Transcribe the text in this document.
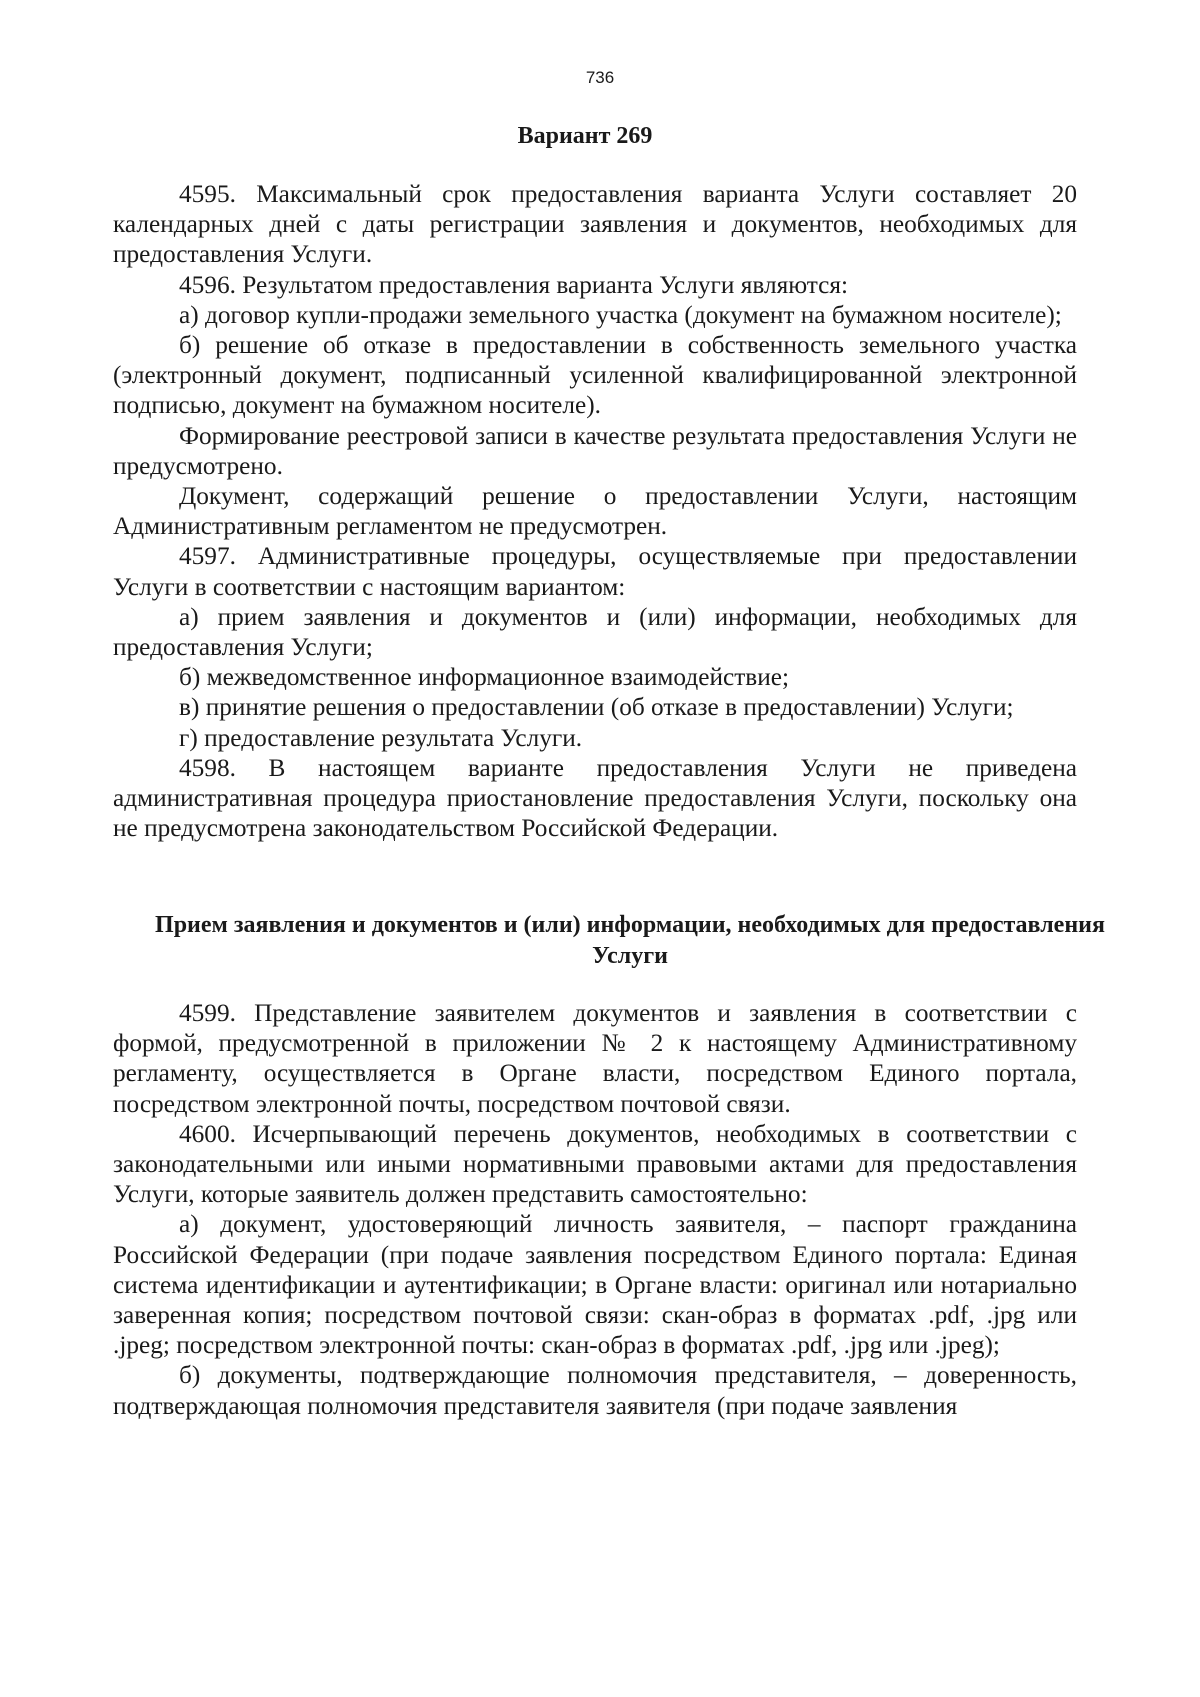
736
Вариант 269

4595. Максимальный срок предоставления варианта Услуги составляет 20 календарных дней с даты регистрации заявления и документов, необходимых для предоставления Услуги.

4596. Результатом предоставления варианта Услуги являются:

а) договор купли-продажи земельного участка (документ на бумажном носителе);

б) решение об отказе в предоставлении в собственность земельного участка (электронный документ, подписанный усиленной квалифицированной электронной подписью, документ на бумажном носителе).

Формирование реестровой записи в качестве результата предоставления Услуги не предусмотрено.

Документ, содержащий решение о предоставлении Услуги, настоящим Административным регламентом не предусмотрен.

4597. Административные процедуры, осуществляемые при предоставлении Услуги в соответствии с настоящим вариантом:

а) прием заявления и документов и (или) информации, необходимых для предоставления Услуги;

б) межведомственное информационное взаимодействие;

в) принятие решения о предоставлении (об отказе в предоставлении) Услуги;

г) предоставление результата Услуги.

4598. В настоящем варианте предоставления Услуги не приведена административная процедура приостановление предоставления Услуги, поскольку она не предусмотрена законодательством Российской Федерации.

Прием заявления и документов и (или) информации, необходимых для предоставления Услуги

4599. Представление заявителем документов и заявления в соответствии с формой, предусмотренной в приложении № 2 к настоящему Административному регламенту, осуществляется в Органе власти, посредством Единого портала, посредством электронной почты, посредством почтовой связи.

4600. Исчерпывающий перечень документов, необходимых в соответствии с законодательными или иными нормативными правовыми актами для предоставления Услуги, которые заявитель должен представить самостоятельно:

а) документ, удостоверяющий личность заявителя, – паспорт гражданина Российской Федерации (при подаче заявления посредством Единого портала: Единая система идентификации и аутентификации; в Органе власти: оригинал или нотариально заверенная копия; посредством почтовой связи: скан-образ в форматах .pdf, .jpg или .jpeg; посредством электронной почты: скан-образ в форматах .pdf, .jpg или .jpeg);

б) документы, подтверждающие полномочия представителя, – доверенность, подтверждающая полномочия представителя заявителя (при подаче заявления
